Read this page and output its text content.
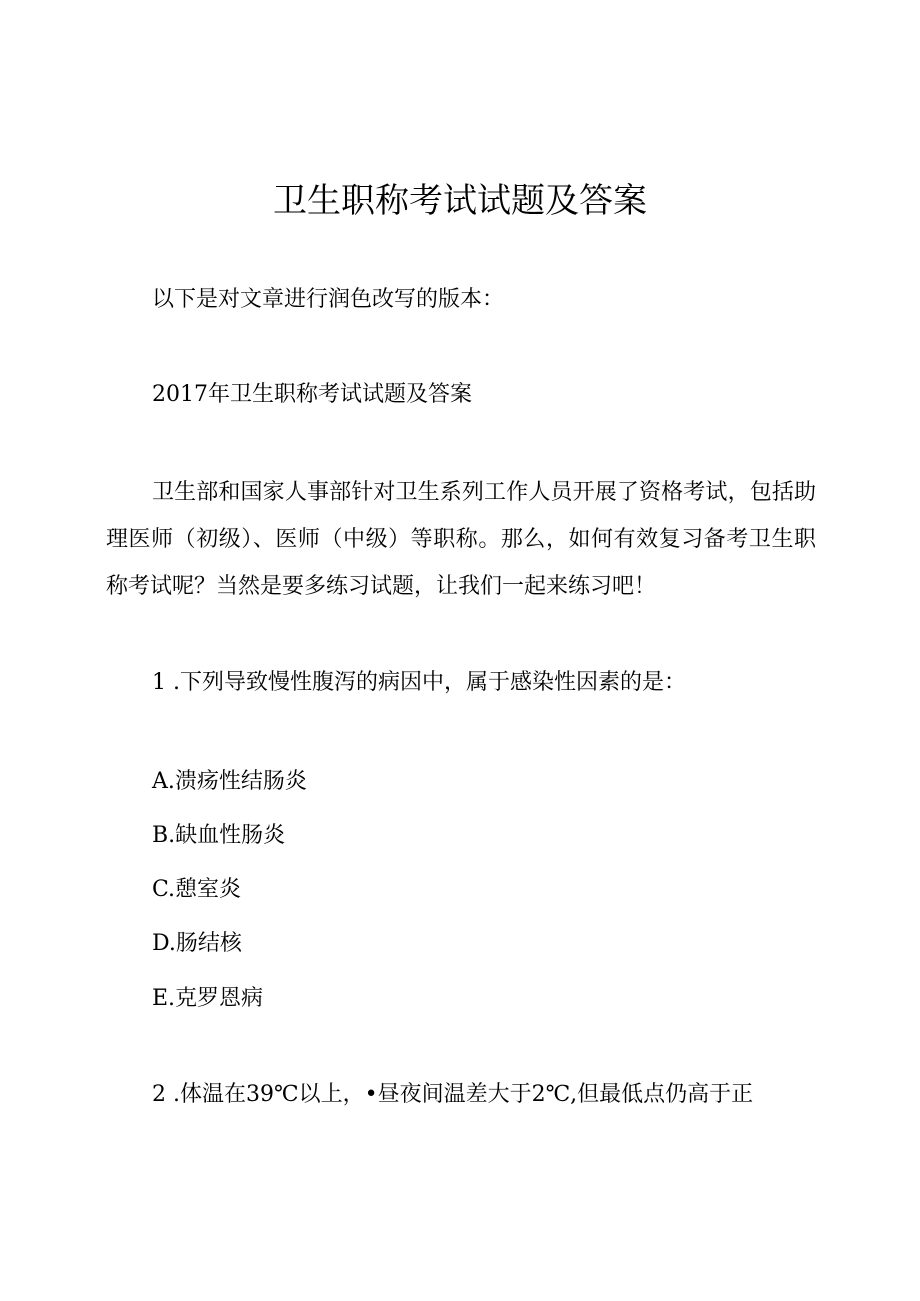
卫生职称考试试题及答案

以下是对文章进行润色改写的版本：

2017年卫生职称考试试题及答案

卫生部和国家人事部针对卫生系列工作人员开展了资格考试，包括助理医师（初级）、医师（中级）等职称。那么，如何有效复习备考卫生职称考试呢？当然是要多练习试题，让我们一起来练习吧！

1 .下列导致慢性腹泻的病因中，属于感染性因素的是：

A.溃疡性结肠炎

B.缺血性肠炎

C.憩室炎

D.肠结核

E.克罗恩病

2 .体温在39℃以上，•昼夜间温差大于2℃,但最低点仍高于正
